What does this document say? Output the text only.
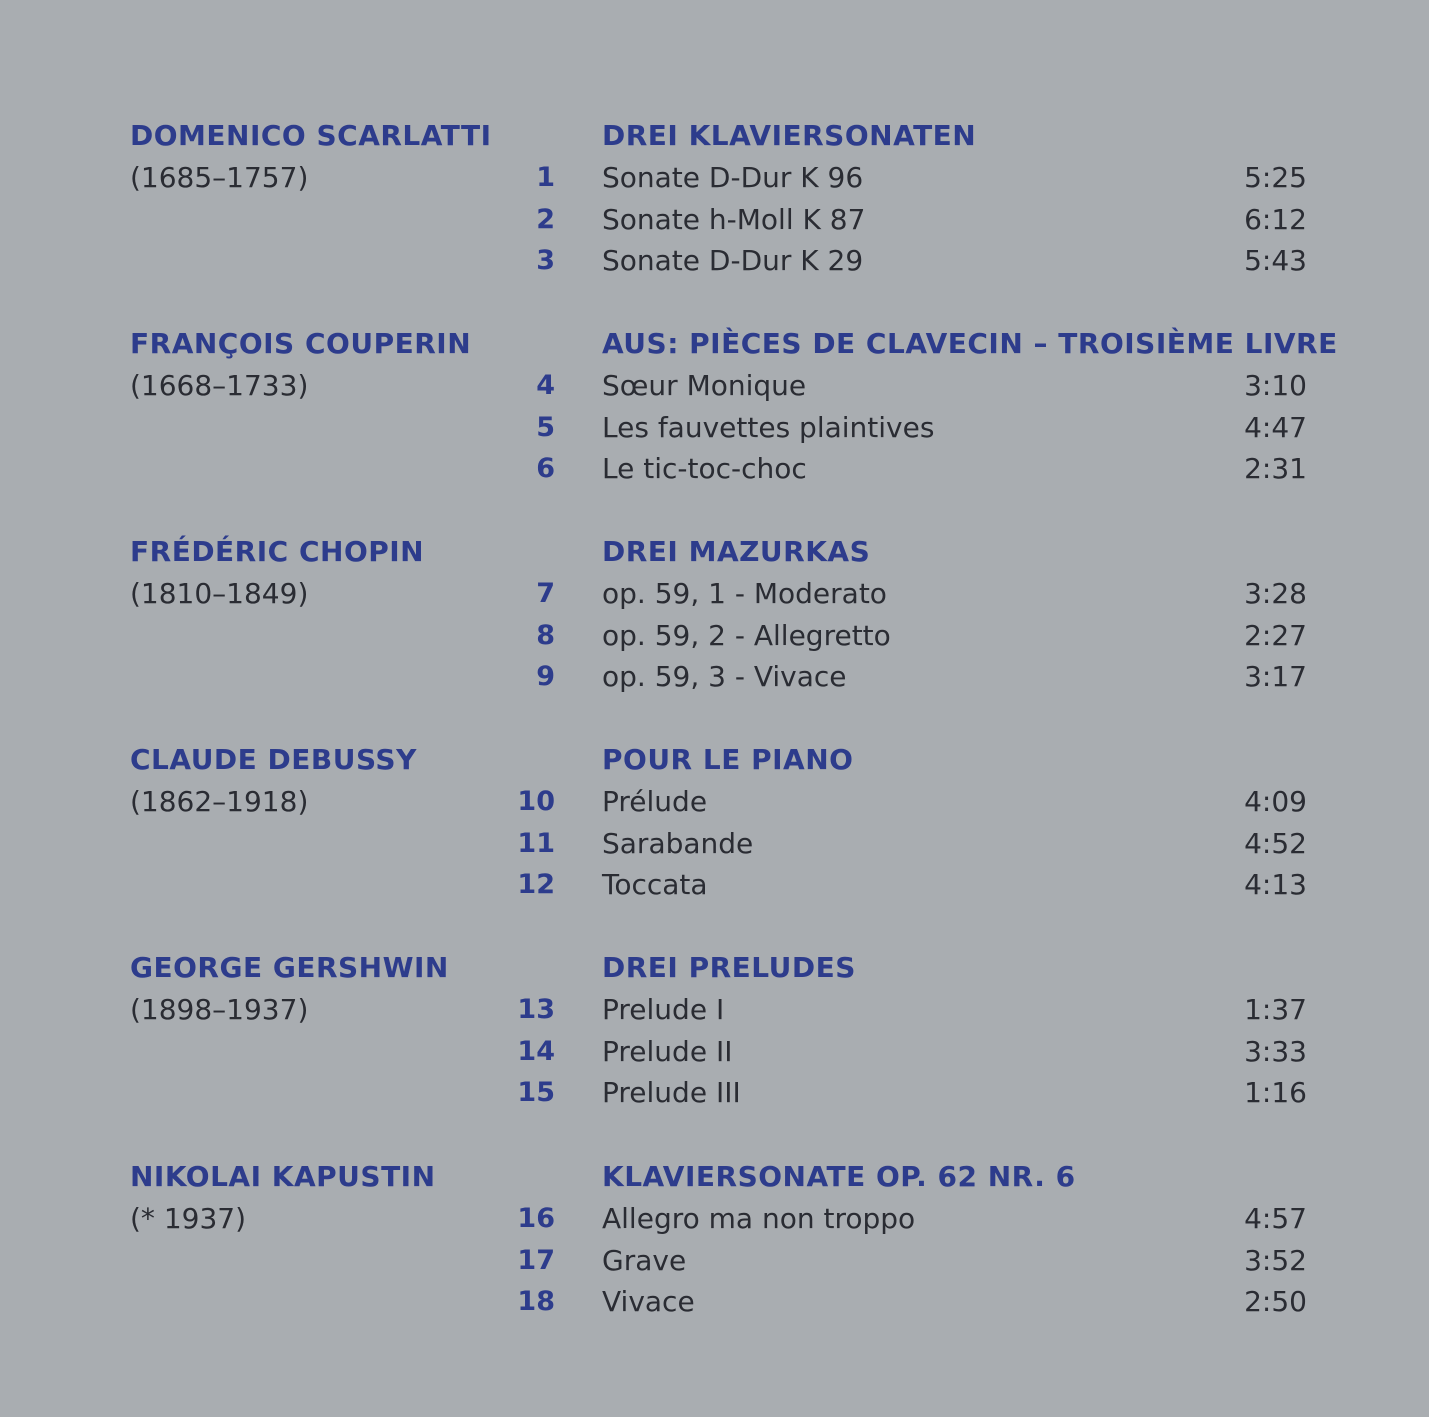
DOMENICO SCARLATTI
(1685–1757)
DREI KLAVIERSONATEN
1 Sonate D-Dur K 96	5:25
2 Sonate h-Moll K 87	6:12
3 Sonate D-Dur K 29	5:43
FRANÇOIS COUPERIN
(1668–1733)
AUS: PIÈCES DE CLAVECIN – TROISIÈME LIVRE
4 Sœur Monique	3:10
5 Les fauvettes plaintives	4:47
6 Le tic-toc-choc	2:31
FRÉDÉRIC CHOPIN
(1810–1849)
DREI MAZURKAS
7 op. 59, 1 - Moderato	3:28
8 op. 59, 2 - Allegretto	2:27
9 op. 59, 3 - Vivace	3:17
CLAUDE DEBUSSY
(1862–1918)
POUR LE PIANO
10 Prélude	4:09
11 Sarabande	4:52
12 Toccata	4:13
GEORGE GERSHWIN
(1898–1937)
DREI PRELUDES
13 Prelude I	1:37
14 Prelude II	3:33
15 Prelude III	1:16
NIKOLAI KAPUSTIN
(* 1937)
KLAVIERSONATE OP. 62 NR. 6
16 Allegro ma non troppo	4:57
17 Grave	3:52
18 Vivace	2:50
